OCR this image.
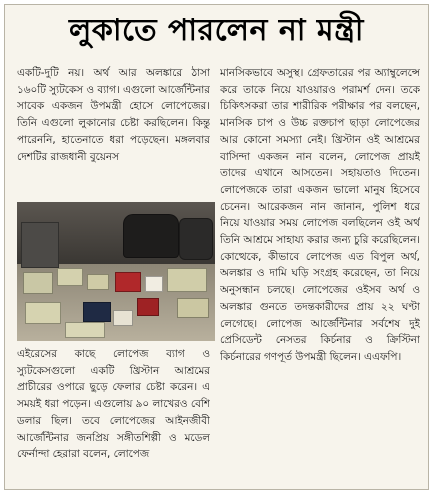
লুকাতে পারলেন না মন্ত্রী

একটি-দুটি নয়। অর্থ আর অলঙ্কারে ঠাসা ১৬০টি স্যুটকেস ও ব্যাগ। এগুলো আর্জেন্টিনার সাবেক একজন উপমন্ত্রী হোসে লোপেজের। তিনি এগুলো লুকানোর চেষ্টা করছিলেন। কিন্তু পারেননি, হাতেনাতে ধরা পড়েছেন। মঙ্গলবার দেশটির রাজধানী বুয়েনস

এইরেসের কাছে লোপেজ ব্যাগ ও স্যুটকেসগুলো একটি খ্রিস্টান আশ্রমের প্রাচীরের ওপারে ছুড়ে ফেলার চেষ্টা করেন। এ সময়ই ধরা পড়েন। এগুলোয় ৯০ লাখেরও বেশি ডলার ছিল। তবে লোপেজের আইনজীবী আর্জেন্টিনার জনপ্রিয় সঙ্গীতশিল্পী ও মডেল ফের্নান্দা হেরারা বলেন, লোপেজ

মানসিকভাবে অসুস্থ। গ্রেফতারের পর অ্যাম্বুলেন্সে করে তাকে নিয়ে যাওয়ারও পরামর্শ দেন। তকে চিকিৎসকরা তার শারীরিক পরীক্ষার পর বলছেন, মানসিক চাপ ও উচ্চ রক্তচাপ ছাড়া লোপেজের আর কোনো সমস্যা নেই। খ্রিস্টান ওই আশ্রমের বাসিন্দা একজন নান বলেন, লোপেজ প্রায়ই তাদের এখানে আসতেন। সহায়তাও দিতেন। লোপেজকে তারা একজন ভালো মানুষ হিসেবে চেনেন। আরেকজন নান জানান, পুলিশ ধরে নিয়ে যাওয়ার সময় লোপেজ বলছিলেন ওই অর্থ তিনি আশ্রমে সাহায্য করার জন্য চুরি করেছিলেন। কোত্থেকে, কীভাবে লোপেজ এত বিপুল অর্থ, অলঙ্কার ও দামি ঘড়ি সংগ্রহ করেছেন, তা নিয়ে অনুসন্ধান চলছে। লোপেজের ওইসব অর্থ ও অলঙ্কার গুনতে তদন্তকারীদের প্রায় ২২ ঘণ্টা লেগেছে। লোপেজ আর্জেন্টিনার সর্বশেষ দুই প্রেসিডেন্ট নেসতর কির্চনার ও ক্রিস্টিনা কির্চনারের গণপূর্ত উপমন্ত্রী ছিলেন। এএফপি।
